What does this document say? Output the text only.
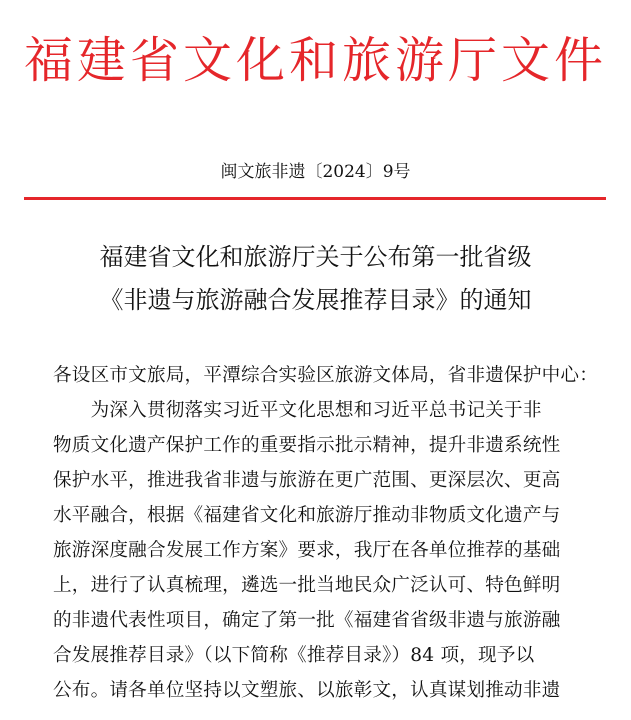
福建省文化和旅游厅文件
闽文旅非遗〔2024〕9号
福建省文化和旅游厅关于公布第一批省级
《非遗与旅游融合发展推荐目录》的通知
各设区市文旅局，平潭综合实验区旅游文体局，省非遗保护中心：
　　为深入贯彻落实习近平文化思想和习近平总书记关于非
物质文化遗产保护工作的重要指示批示精神，提升非遗系统性
保护水平，推进我省非遗与旅游在更广范围、更深层次、更高
水平融合，根据《福建省文化和旅游厅推动非物质文化遗产与
旅游深度融合发展工作方案》要求，我厅在各单位推荐的基础
上，进行了认真梳理，遴选一批当地民众广泛认可、特色鲜明
的非遗代表性项目，确定了第一批《福建省省级非遗与旅游融
合发展推荐目录》（以下简称《推荐目录》）84 项，现予以
公布。请各单位坚持以文塑旅、以旅彰文，认真谋划推动非遗
